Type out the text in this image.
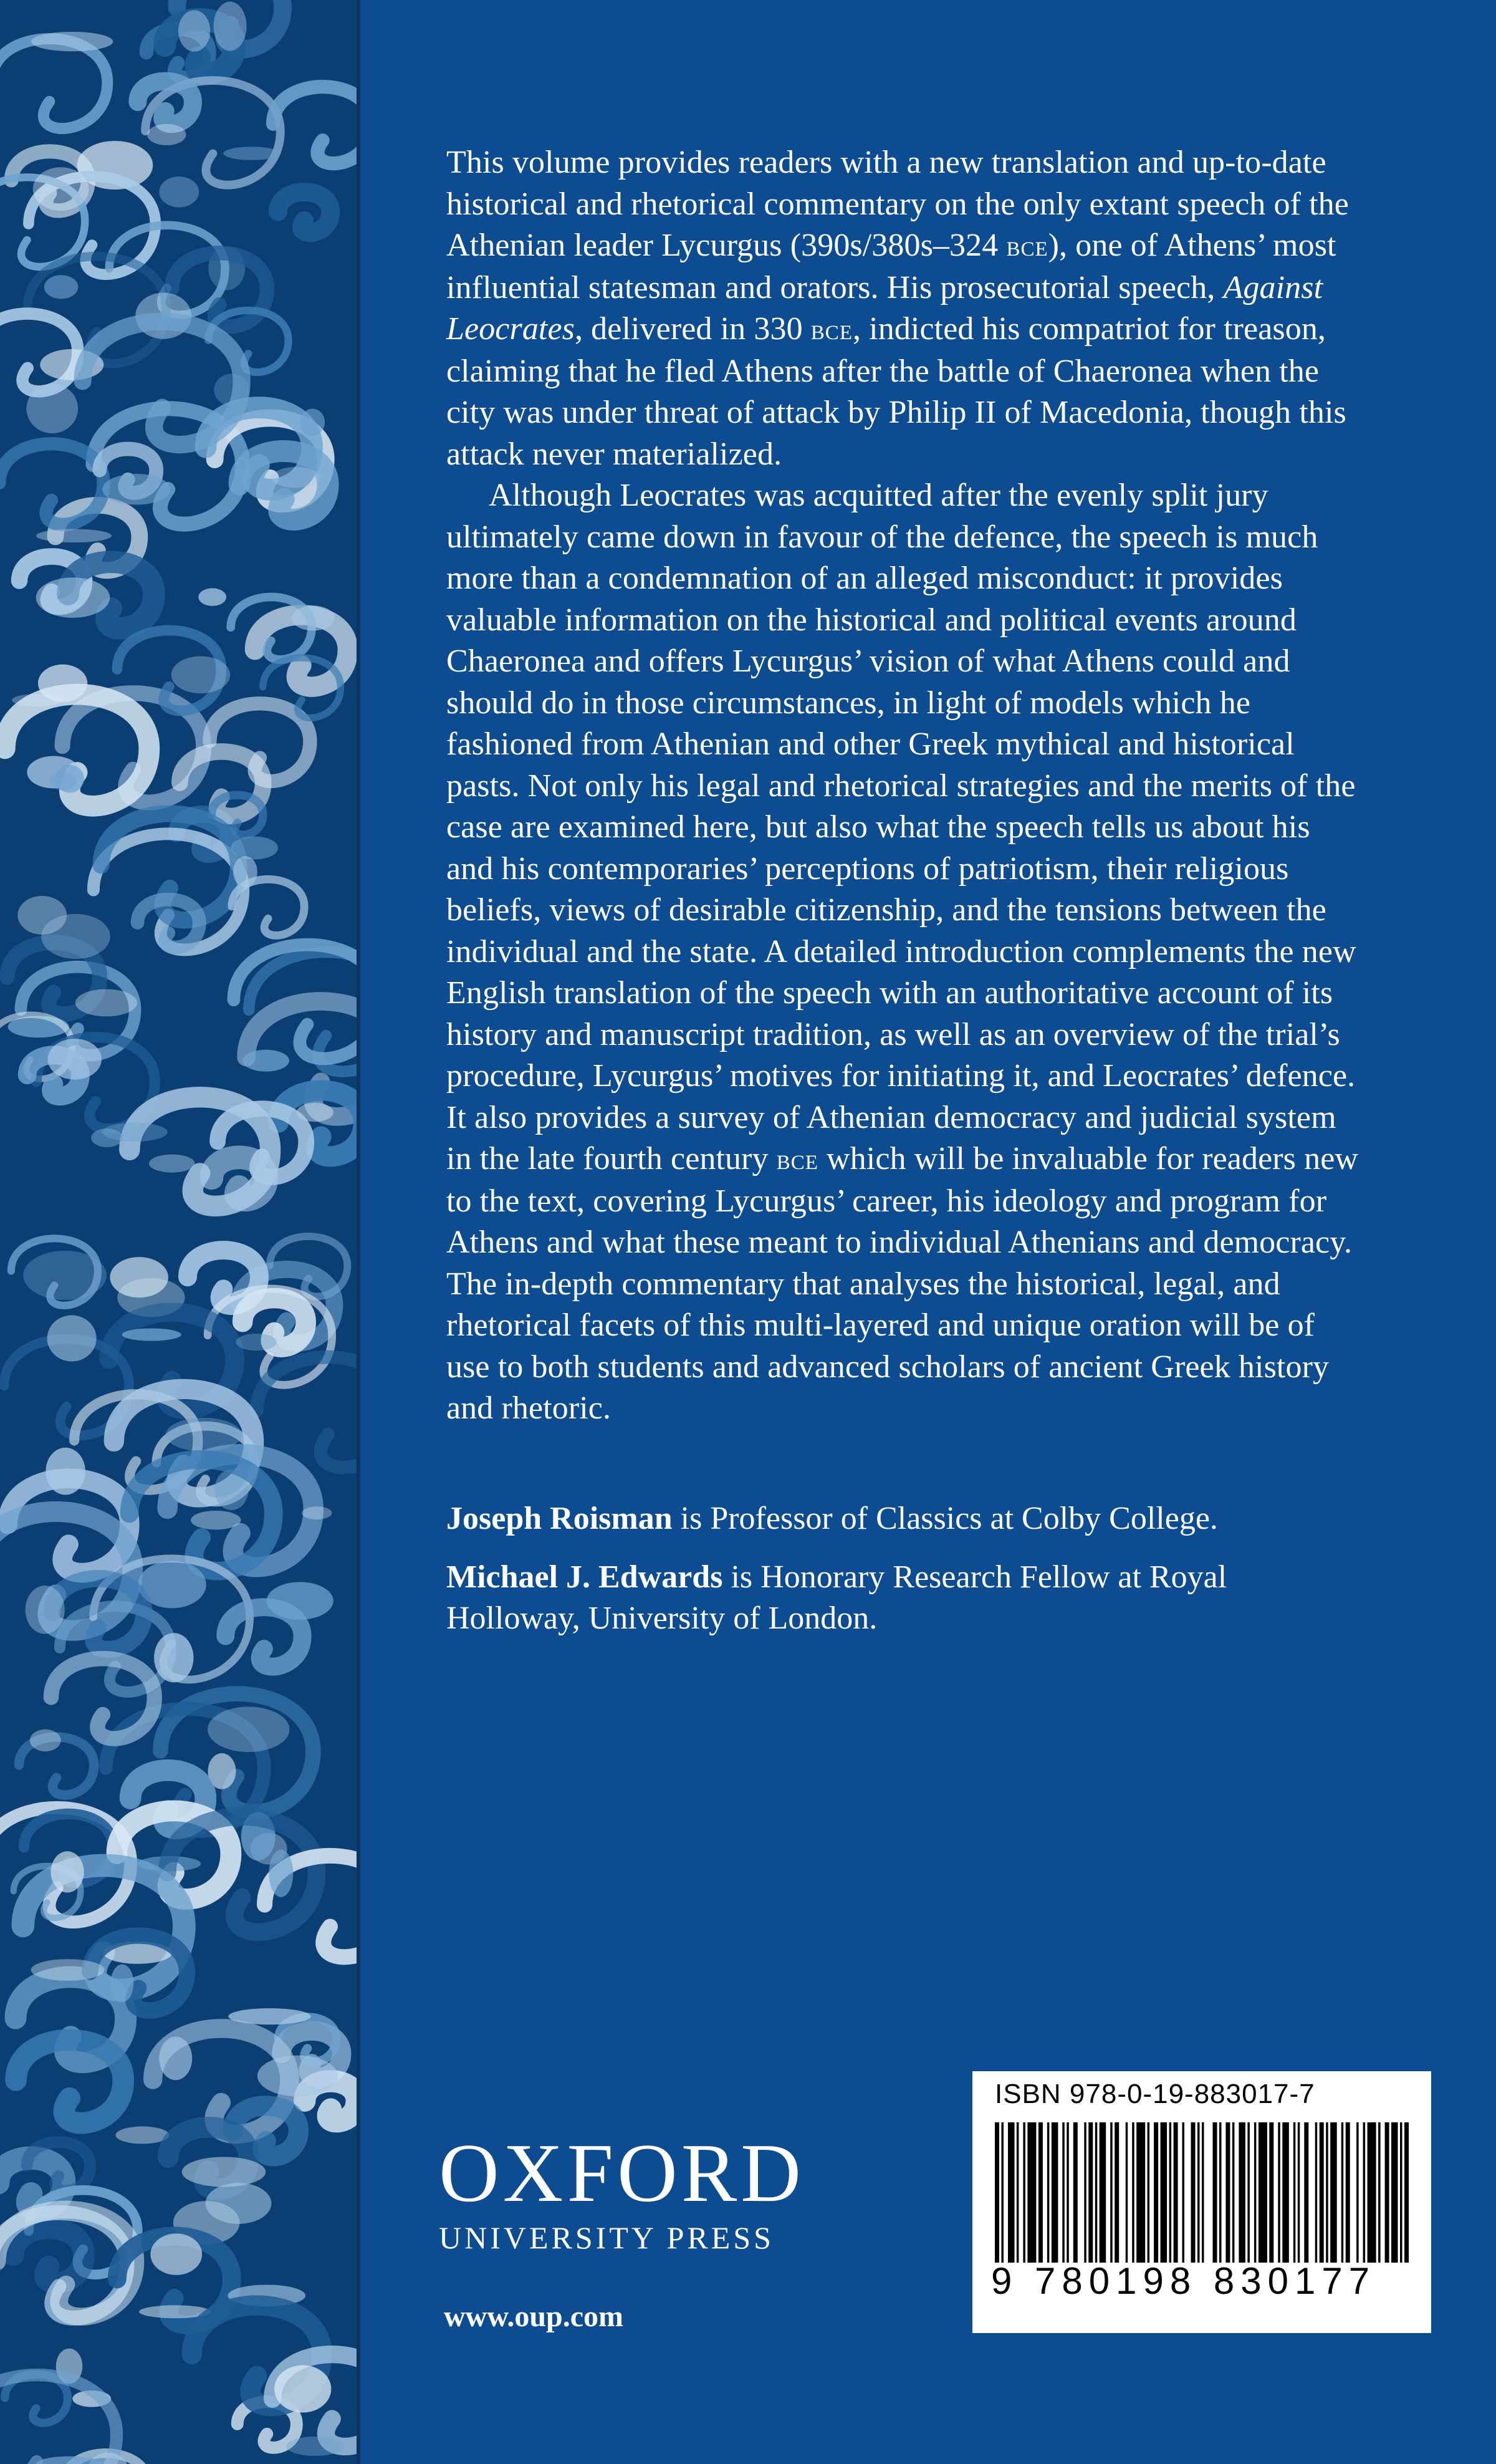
This volume provides readers with a new translation and up-to-date historical and rhetorical commentary on the only extant speech of the Athenian leader Lycurgus (390s/380s–324 bce), one of Athens’ most influential statesman and orators. His prosecutorial speech, Against Leocrates, delivered in 330 bce, indicted his compatriot for treason, claiming that he fled Athens after the battle of Chaeronea when the city was under threat of attack by Philip II of Macedonia, though this attack never materialized.

Although Leocrates was acquitted after the evenly split jury ultimately came down in favour of the defence, the speech is much more than a condemnation of an alleged misconduct: it provides valuable information on the historical and political events around Chaeronea and offers Lycurgus’ vision of what Athens could and should do in those circumstances, in light of models which he fashioned from Athenian and other Greek mythical and historical pasts. Not only his legal and rhetorical strategies and the merits of the case are examined here, but also what the speech tells us about his and his contemporaries’ perceptions of patriotism, their religious beliefs, views of desirable citizenship, and the tensions between the individual and the state. A detailed introduction complements the new English translation of the speech with an authoritative account of its history and manuscript tradition, as well as an overview of the trial’s procedure, Lycurgus’ motives for initiating it, and Leocrates’ defence. It also provides a survey of Athenian democracy and judicial system in the late fourth century bce which will be invaluable for readers new to the text, covering Lycurgus’ career, his ideology and program for Athens and what these meant to individual Athenians and democracy. The in-depth commentary that analyses the historical, legal, and rhetorical facets of this multi-layered and unique oration will be of use to both students and advanced scholars of ancient Greek history and rhetoric.

Joseph Roisman is Professor of Classics at Colby College.

Michael J. Edwards is Honorary Research Fellow at Royal Holloway, University of London.

OXFORD
UNIVERSITY PRESS
www.oup.com
ISBN 978-0-19-883017-7
9 780198 830177
